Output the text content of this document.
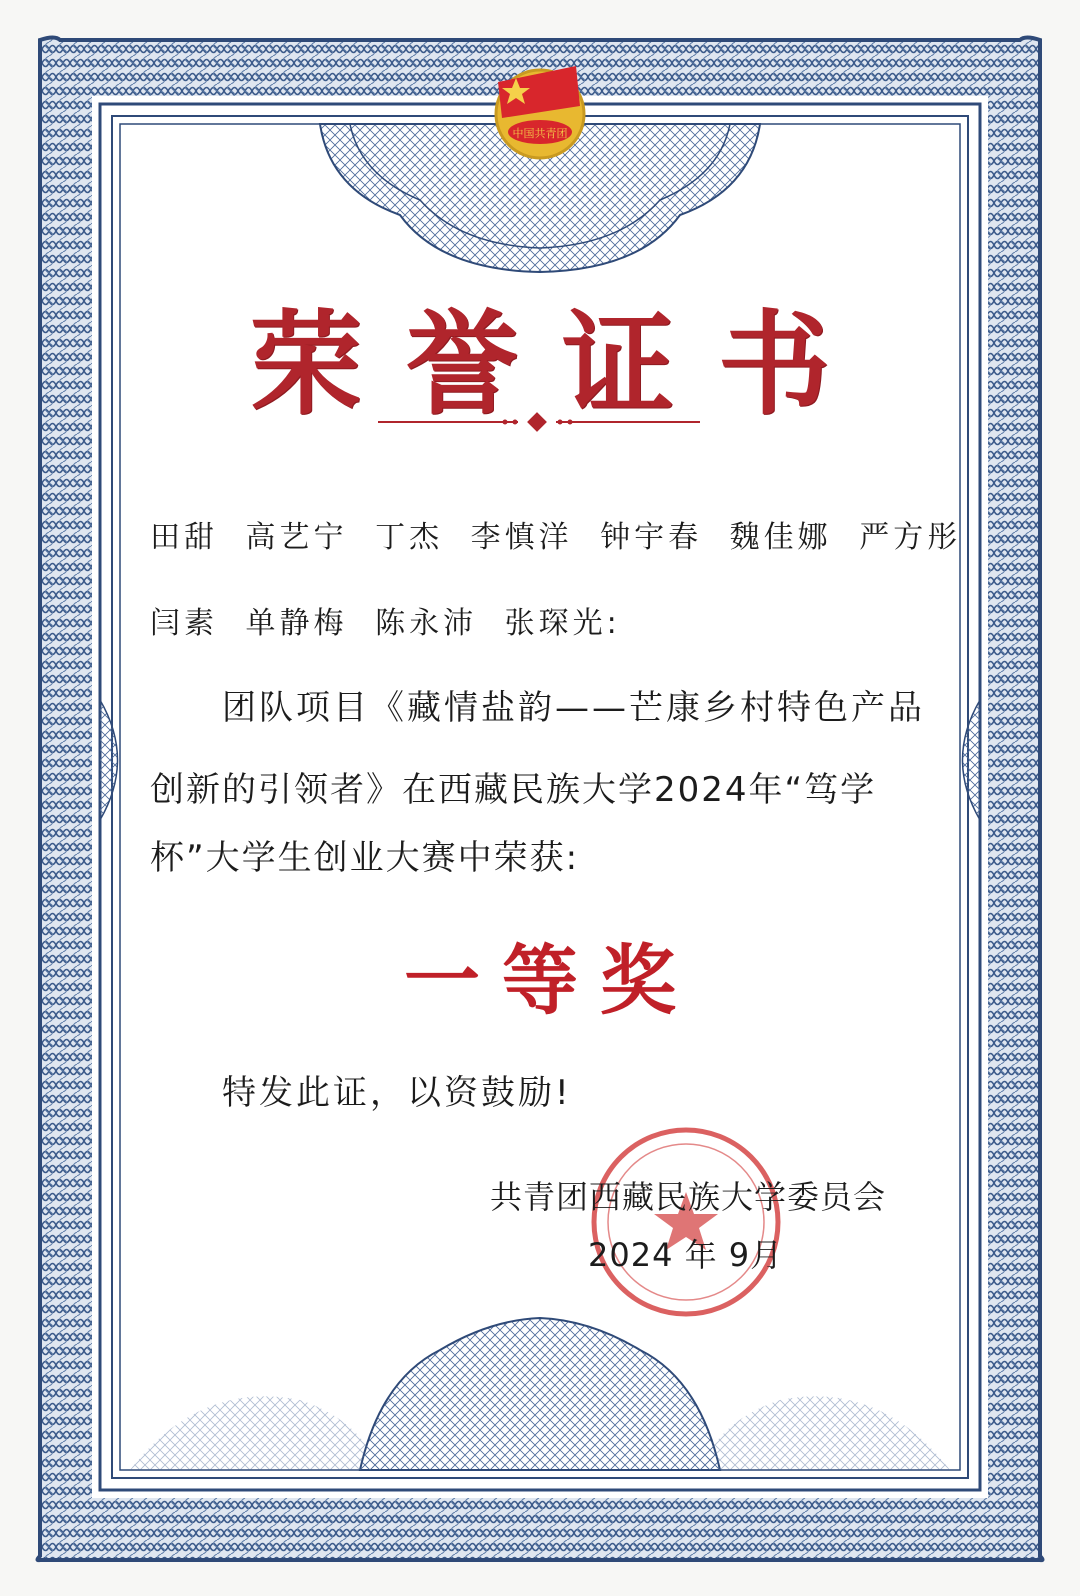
中国共青团
荣誉证书
田甜 高艺宁 丁杰 李慎洋 钟宇春 魏佳娜 严方彤
闫素 单静梅 陈永沛 张琛光:
团队项目《藏情盐韵——芒康乡村特色产品
创新的引领者》在西藏民族大学2024年“笃学
杯”大学生创业大赛中荣获:
一等奖
特发此证，以资鼓励!
共青团西藏民族大学委员会
2024 年 9月
